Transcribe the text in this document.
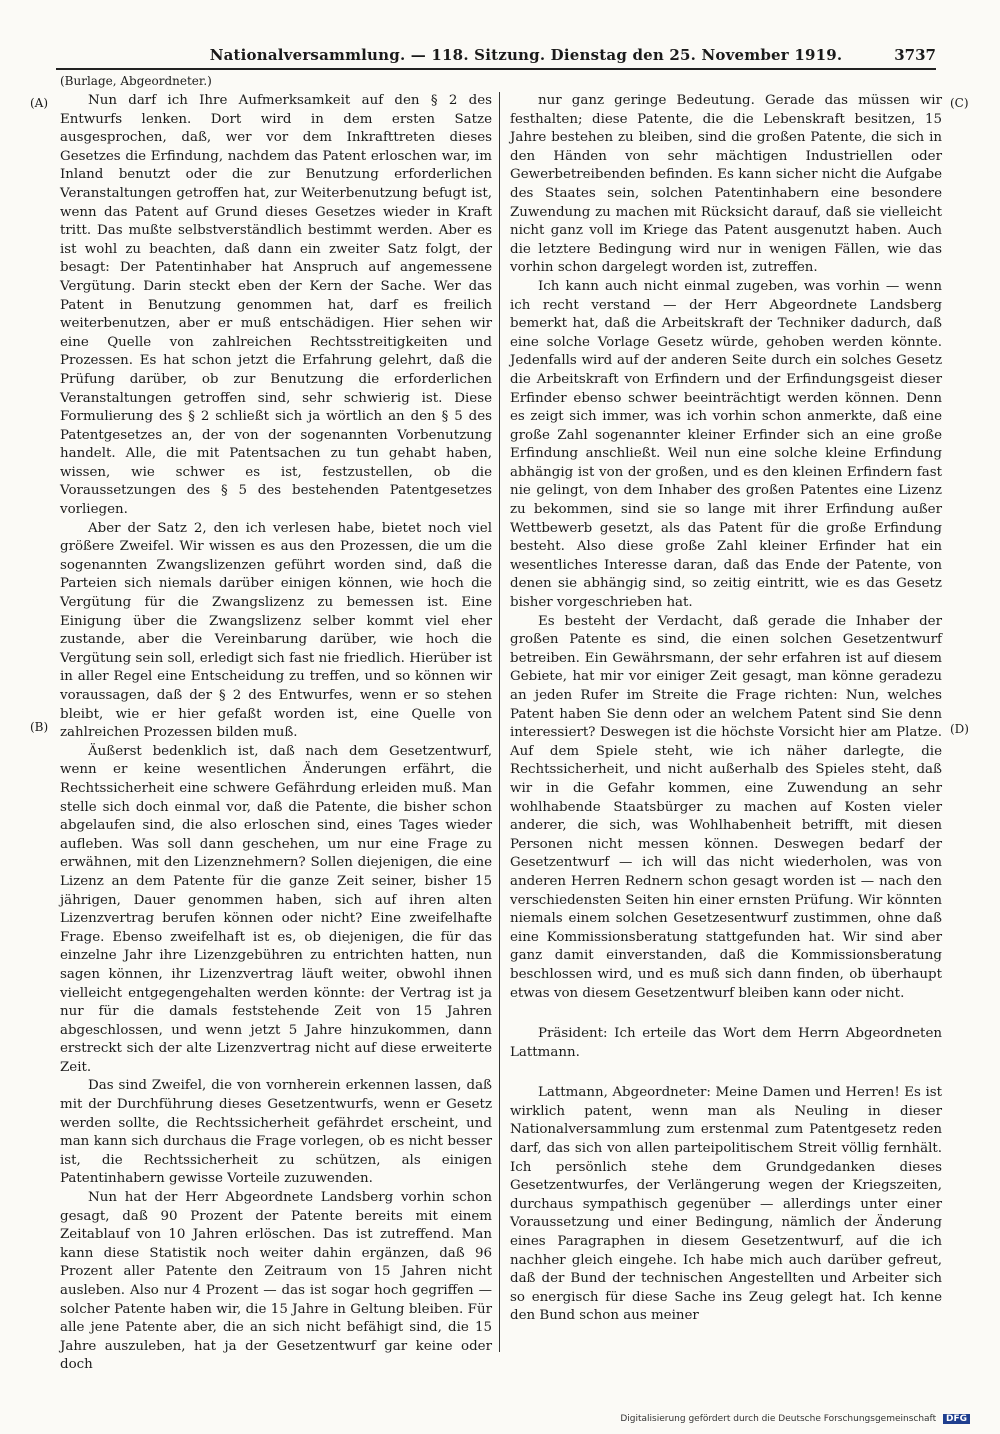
Nationalversammlung. — 118. Sitzung. Dienstag den 25. November 1919.	3737
(Burlage, Abgeordneter.)
(A)
(B)
(C)
(D)

Nun darf ich Ihre Aufmerksamkeit auf den § 2 des Entwurfs lenken. Dort wird in dem ersten Satze ausgesprochen, daß, wer vor dem Inkrafttreten dieses Gesetzes die Erfindung, nachdem das Patent erloschen war, im Inland benutzt oder die zur Benutzung erforderlichen Veranstaltungen getroffen hat, zur Weiterbenutzung befugt ist, wenn das Patent auf Grund dieses Gesetzes wieder in Kraft tritt. Das mußte selbstverständlich bestimmt werden. Aber es ist wohl zu beachten, daß dann ein zweiter Satz folgt, der besagt: Der Patentinhaber hat Anspruch auf angemessene Vergütung. Darin steckt eben der Kern der Sache. Wer das Patent in Benutzung genommen hat, darf es freilich weiterbenutzen, aber er muß entschädigen. Hier sehen wir eine Quelle von zahlreichen Rechtsstreitigkeiten und Prozessen. Es hat schon jetzt die Erfahrung gelehrt, daß die Prüfung darüber, ob zur Benutzung die erforderlichen Veranstaltungen getroffen sind, sehr schwierig ist. Diese Formulierung des § 2 schließt sich ja wörtlich an den § 5 des Patentgesetzes an, der von der sogenannten Vorbenutzung handelt. Alle, die mit Patentsachen zu tun gehabt haben, wissen, wie schwer es ist, festzustellen, ob die Voraussetzungen des § 5 des bestehenden Patentgesetzes vorliegen.

Aber der Satz 2, den ich verlesen habe, bietet noch viel größere Zweifel. Wir wissen es aus den Prozessen, die um die sogenannten Zwangslizenzen geführt worden sind, daß die Parteien sich niemals darüber einigen können, wie hoch die Vergütung für die Zwangslizenz zu bemessen ist. Eine Einigung über die Zwangslizenz selber kommt viel eher zustande, aber die Vereinbarung darüber, wie hoch die Vergütung sein soll, erledigt sich fast nie friedlich. Hierüber ist in aller Regel eine Entscheidung zu treffen, und so können wir voraussagen, daß der § 2 des Entwurfes, wenn er so stehen bleibt, wie er hier gefaßt worden ist, eine Quelle von zahlreichen Prozessen bilden muß.

Äußerst bedenklich ist, daß nach dem Gesetzentwurf, wenn er keine wesentlichen Änderungen erfährt, die Rechtssicherheit eine schwere Gefährdung erleiden muß. Man stelle sich doch einmal vor, daß die Patente, die bisher schon abgelaufen sind, die also erloschen sind, eines Tages wieder aufleben. Was soll dann geschehen, um nur eine Frage zu erwähnen, mit den Lizenznehmern? Sollen diejenigen, die eine Lizenz an dem Patente für die ganze Zeit seiner, bisher 15 jährigen, Dauer genommen haben, sich auf ihren alten Lizenzvertrag berufen können oder nicht? Eine zweifelhafte Frage. Ebenso zweifelhaft ist es, ob diejenigen, die für das einzelne Jahr ihre Lizenzgebühren zu entrichten hatten, nun sagen können, ihr Lizenzvertrag läuft weiter, obwohl ihnen vielleicht entgegengehalten werden könnte: der Vertrag ist ja nur für die damals feststehende Zeit von 15 Jahren abgeschlossen, und wenn jetzt 5 Jahre hinzukommen, dann erstreckt sich der alte Lizenzvertrag nicht auf diese erweiterte Zeit.

Das sind Zweifel, die von vornherein erkennen lassen, daß mit der Durchführung dieses Gesetzentwurfs, wenn er Gesetz werden sollte, die Rechtssicherheit gefährdet erscheint, und man kann sich durchaus die Frage vorlegen, ob es nicht besser ist, die Rechtssicherheit zu schützen, als einigen Patentinhabern gewisse Vorteile zuzuwenden.

Nun hat der Herr Abgeordnete Landsberg vorhin schon gesagt, daß 90 Prozent der Patente bereits mit einem Zeitablauf von 10 Jahren erlöschen. Das ist zutreffend. Man kann diese Statistik noch weiter dahin ergänzen, daß 96 Prozent aller Patente den Zeitraum von 15 Jahren nicht ausleben. Also nur 4 Prozent — das ist sogar hoch gegriffen — solcher Patente haben wir, die 15 Jahre in Geltung bleiben. Für alle jene Patente aber, die an sich nicht befähigt sind, die 15 Jahre auszuleben, hat ja der Gesetzentwurf gar keine oder doch

nur ganz geringe Bedeutung. Gerade das müssen wir festhalten; diese Patente, die die Lebenskraft besitzen, 15 Jahre bestehen zu bleiben, sind die großen Patente, die sich in den Händen von sehr mächtigen Industriellen oder Gewerbetreibenden befinden. Es kann sicher nicht die Aufgabe des Staates sein, solchen Patentinhabern eine besondere Zuwendung zu machen mit Rücksicht darauf, daß sie vielleicht nicht ganz voll im Kriege das Patent ausgenutzt haben. Auch die letztere Bedingung wird nur in wenigen Fällen, wie das vorhin schon dargelegt worden ist, zutreffen.

Ich kann auch nicht einmal zugeben, was vorhin — wenn ich recht verstand — der Herr Abgeordnete Landsberg bemerkt hat, daß die Arbeitskraft der Techniker dadurch, daß eine solche Vorlage Gesetz würde, gehoben werden könnte. Jedenfalls wird auf der anderen Seite durch ein solches Gesetz die Arbeitskraft von Erfindern und der Erfindungsgeist dieser Erfinder ebenso schwer beeinträchtigt werden können. Denn es zeigt sich immer, was ich vorhin schon anmerkte, daß eine große Zahl sogenannter kleiner Erfinder sich an eine große Erfindung anschließt. Weil nun eine solche kleine Erfindung abhängig ist von der großen, und es den kleinen Erfindern fast nie gelingt, von dem Inhaber des großen Patentes eine Lizenz zu bekommen, sind sie so lange mit ihrer Erfindung außer Wettbewerb gesetzt, als das Patent für die große Erfindung besteht. Also diese große Zahl kleiner Erfinder hat ein wesentliches Interesse daran, daß das Ende der Patente, von denen sie abhängig sind, so zeitig eintritt, wie es das Gesetz bisher vorgeschrieben hat.

Es besteht der Verdacht, daß gerade die Inhaber der großen Patente es sind, die einen solchen Gesetzentwurf betreiben. Ein Gewährsmann, der sehr erfahren ist auf diesem Gebiete, hat mir vor einiger Zeit gesagt, man könne geradezu an jeden Rufer im Streite die Frage richten: Nun, welches Patent haben Sie denn oder an welchem Patent sind Sie denn interessiert? Deswegen ist die höchste Vorsicht hier am Platze. Auf dem Spiele steht, wie ich näher darlegte, die Rechtssicherheit, und nicht außerhalb des Spieles steht, daß wir in die Gefahr kommen, eine Zuwendung an sehr wohlhabende Staatsbürger zu machen auf Kosten vieler anderer, die sich, was Wohlhabenheit betrifft, mit diesen Personen nicht messen können. Deswegen bedarf der Gesetzentwurf — ich will das nicht wiederholen, was von anderen Herren Rednern schon gesagt worden ist — nach den verschiedensten Seiten hin einer ernsten Prüfung. Wir könnten niemals einem solchen Gesetzesentwurf zustimmen, ohne daß eine Kommissionsberatung stattgefunden hat. Wir sind aber ganz damit einverstanden, daß die Kommissionsberatung beschlossen wird, und es muß sich dann finden, ob überhaupt etwas von diesem Gesetzentwurf bleiben kann oder nicht.

Präsident: Ich erteile das Wort dem Herrn Abgeordneten Lattmann.

Lattmann, Abgeordneter: Meine Damen und Herren! Es ist wirklich patent, wenn man als Neuling in dieser Nationalversammlung zum erstenmal zum Patentgesetz reden darf, das sich von allen parteipolitischem Streit völlig fernhält. Ich persönlich stehe dem Grundgedanken dieses Gesetzentwurfes, der Verlängerung wegen der Kriegszeiten, durchaus sympathisch gegenüber — allerdings unter einer Voraussetzung und einer Bedingung, nämlich der Änderung eines Paragraphen in diesem Gesetzentwurf, auf die ich nachher gleich eingehe. Ich habe mich auch darüber gefreut, daß der Bund der technischen Angestellten und Arbeiter sich so energisch für diese Sache ins Zeug gelegt hat. Ich kenne den Bund schon aus meiner

Digitalisierung gefördert durch die Deutsche Forschungsgemeinschaft DFG
